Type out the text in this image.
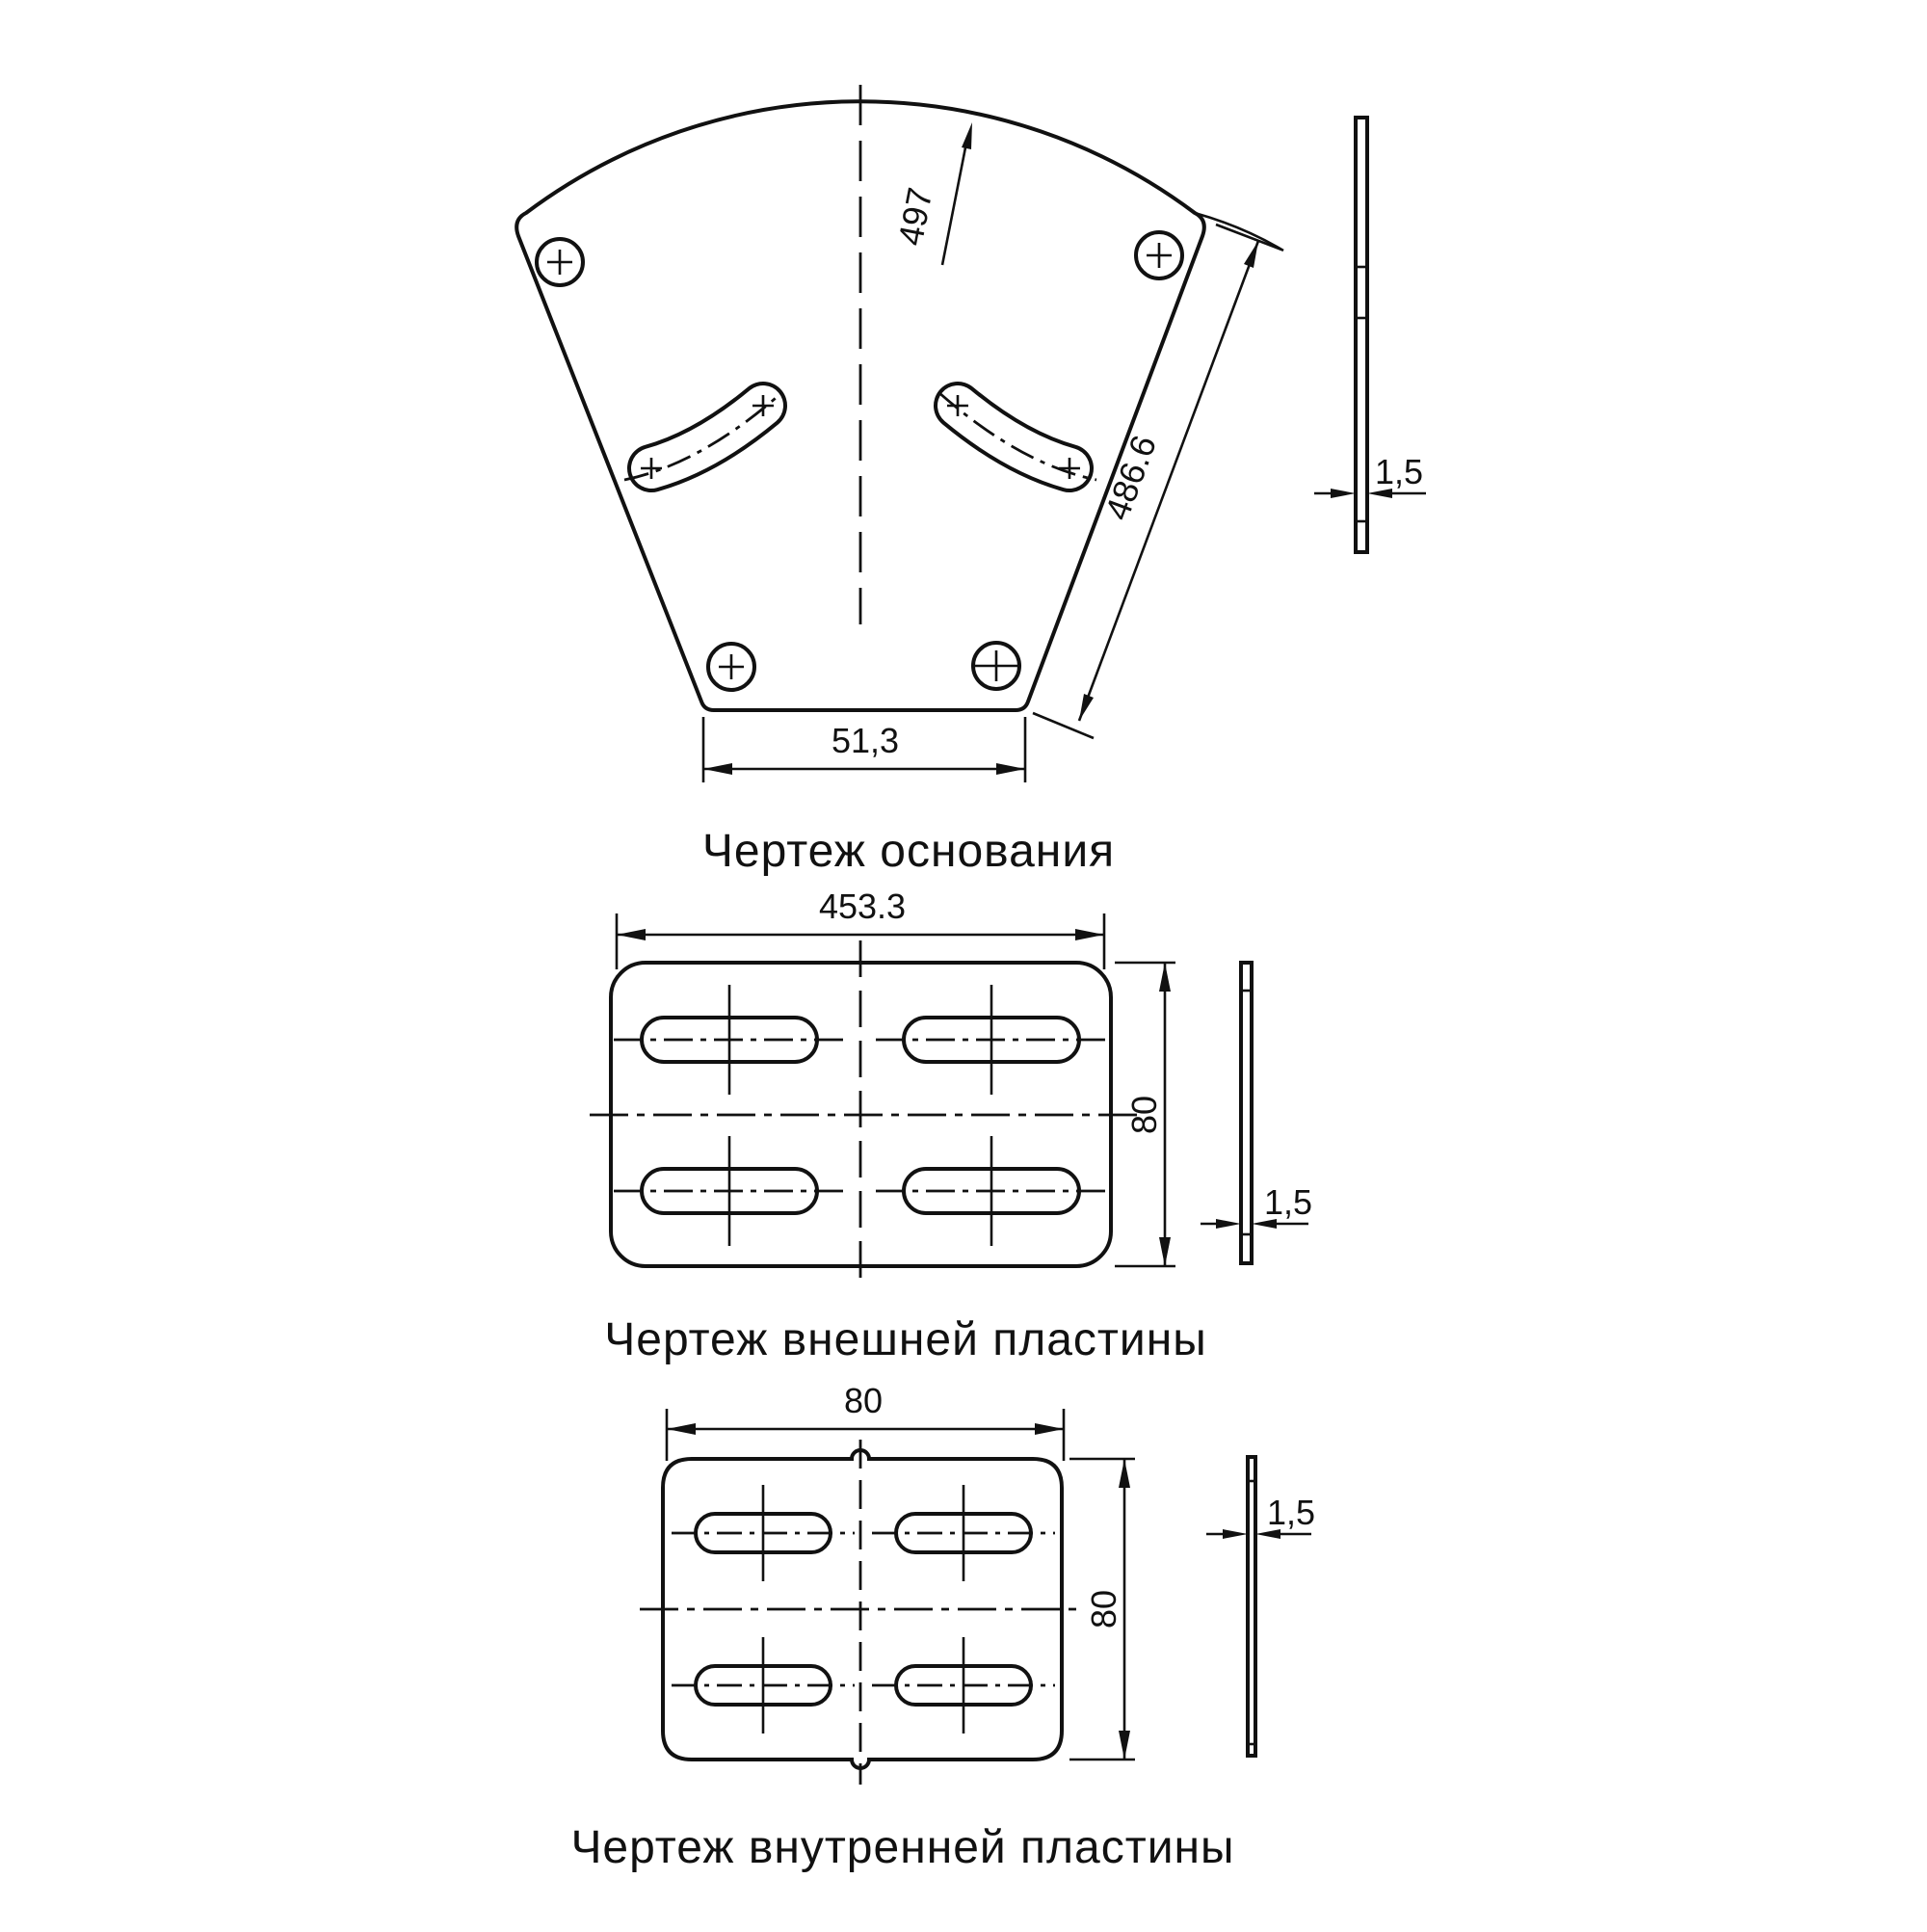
497
486.6
51,3
1,5
Чертеж основания
453.3
80
1,5
Чертеж внешней пластины
80
80
1,5
Чертеж внутренней пластины
